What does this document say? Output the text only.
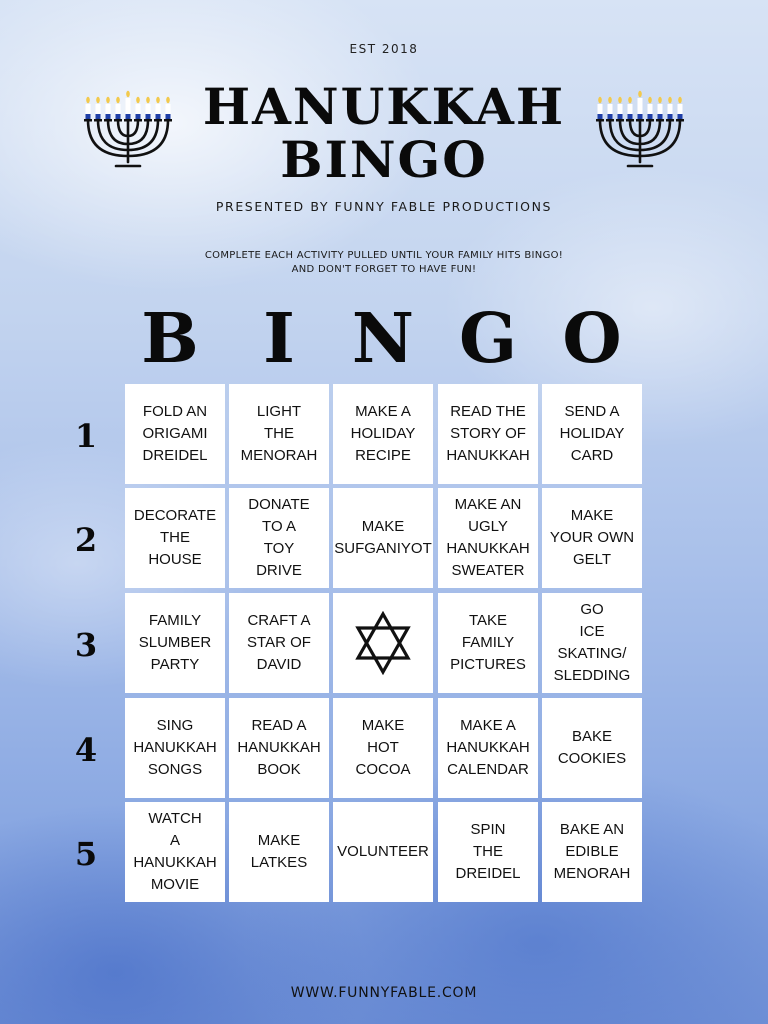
EST 2018
HANUKKAH
BINGO
PRESENTED BY FUNNY FABLE PRODUCTIONS
COMPLETE EACH ACTIVITY PULLED UNTIL YOUR FAMILY HITS BINGO!
AND DON'T FORGET TO HAVE FUN!
B I N G O
1
2
3
4
5
FOLD AN
ORIGAMI
DREIDEL
LIGHT
THE
MENORAH
MAKE A
HOLIDAY
RECIPE
READ THE
STORY OF
HANUKKAH
SEND A
HOLIDAY
CARD
DECORATE
THE
HOUSE
DONATE
TO A
TOY
DRIVE
MAKE
SUFGANIYOT
MAKE AN
UGLY
HANUKKAH
SWEATER
MAKE
YOUR OWN
GELT
FAMILY
SLUMBER
PARTY
CRAFT A
STAR OF
DAVID
TAKE
FAMILY
PICTURES
GO
ICE
SKATING/
SLEDDING
SING
HANUKKAH
SONGS
READ A
HANUKKAH
BOOK
MAKE
HOT
COCOA
MAKE A
HANUKKAH
CALENDAR
BAKE
COOKIES
WATCH
A
HANUKKAH
MOVIE
MAKE
LATKES
VOLUNTEER
SPIN
THE
DREIDEL
BAKE AN
EDIBLE
MENORAH
WWW.FUNNYFABLE.COM
